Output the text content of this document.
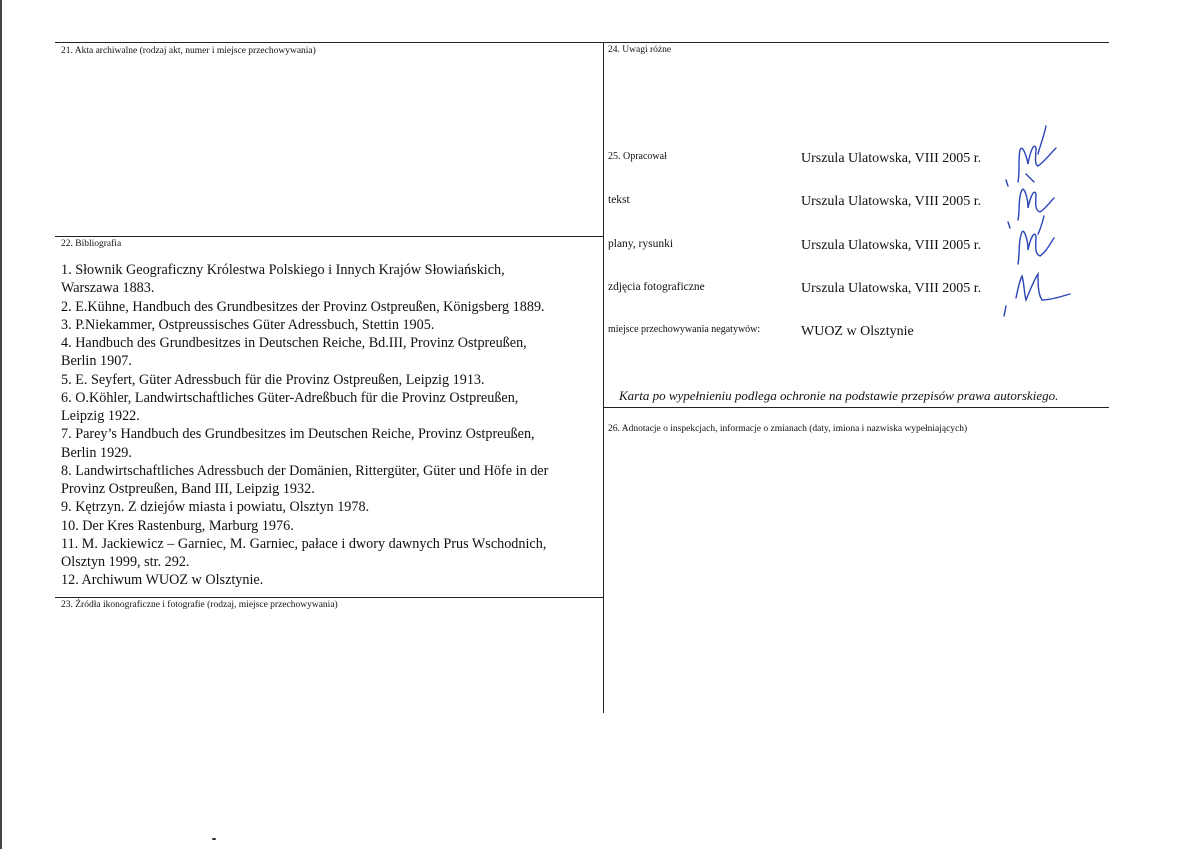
21. Akta archiwalne (rodzaj akt, numer i miejsce przechowywania)
22. Bibliografia
1. Słownik Geograficzny Królestwa Polskiego i Innych Krajów Słowiańskich,
Warszawa 1883.
2. E.Kühne, Handbuch des Grundbesitzes der Provinz Ostpreußen, Königsberg 1889.
3. P.Niekammer, Ostpreussisches Güter Adressbuch, Stettin 1905.
4. Handbuch des Grundbesitzes in Deutschen Reiche, Bd.III, Provinz Ostpreußen,
Berlin 1907.
5. E. Seyfert, Güter Adressbuch für die Provinz Ostpreußen, Leipzig 1913.
6. O.Köhler, Landwirtschaftliches Güter-Adreßbuch für die Provinz Ostpreußen,
Leipzig 1922.
7. Parey’s Handbuch des Grundbesitzes im Deutschen Reiche, Provinz Ostpreußen,
Berlin 1929.
8. Landwirtschaftliches Adressbuch der Domänien, Rittergüter, Güter und Höfe in der
Provinz Ostpreußen, Band III, Leipzig 1932.
9. Kętrzyn. Z dziejów miasta i powiatu, Olsztyn 1978.
10. Der Kres Rastenburg, Marburg 1976.
11. M. Jackiewicz – Garniec, M. Garniec, pałace i dwory dawnych Prus Wschodnich,
Olsztyn 1999, str. 292.
12. Archiwum WUOZ w Olsztynie.
23. Źródła ikonograficzne i fotografie (rodzaj, miejsce przechowywania)
24. Uwagi różne
25. Opracował	Urszula Ulatowska, VIII 2005 r.
tekst	Urszula Ulatowska, VIII 2005 r.
plany, rysunki	Urszula Ulatowska, VIII 2005 r.
zdjęcia fotograficzne	Urszula Ulatowska, VIII 2005 r.
miejsce przechowywania negatywów:	WUOZ w Olsztynie
Karta po wypełnieniu podlega ochronie na podstawie przepisów prawa autorskiego.
26. Adnotacje o inspekcjach, informacje o zmianach (daty, imiona i nazwiska wypełniających)
